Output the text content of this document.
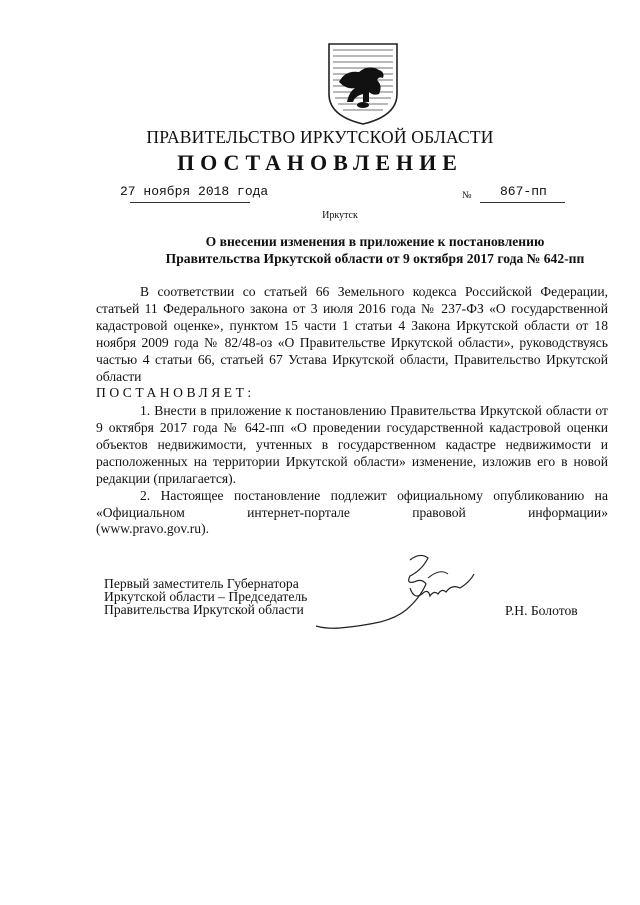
ПРАВИТЕЛЬСТВО ИРКУТСКОЙ ОБЛАСТИ
ПОСТАНОВЛЕНИЕ
27 ноября 2018 года	№ 867-пп
Иркутск
О внесении изменения в приложение к постановлению
Правительства Иркутской области от 9 октября 2017 года № 642-пп
В соответствии со статьей 66 Земельного кодекса Российской Федерации, статьей 11 Федерального закона от 3 июля 2016 года № 237-ФЗ «О государственной кадастровой оценке», пунктом 15 части 1 статьи 4 Закона Иркутской области от 18 ноября 2009 года № 82/48-оз «О Правительстве Иркутской области», руководствуясь частью 4 статьи 66, статьей 67 Устава Иркутской области, Правительство Иркутской области
ПОСТАНОВЛЯЕТ:
1. Внести в приложение к постановлению Правительства Иркутской области от 9 октября 2017 года № 642-пп «О проведении государственной кадастровой оценки объектов недвижимости, учтенных в государственном кадастре недвижимости и расположенных на территории Иркутской области» изменение, изложив его в новой редакции (прилагается).
2. Настоящее постановление подлежит официальному опубликованию на «Официальном интернет-портале правовой информации»
(www.pravo.gov.ru).
Первый заместитель Губернатора
Иркутской области – Председатель
Правительства Иркутской области	Р.Н. Болотов
